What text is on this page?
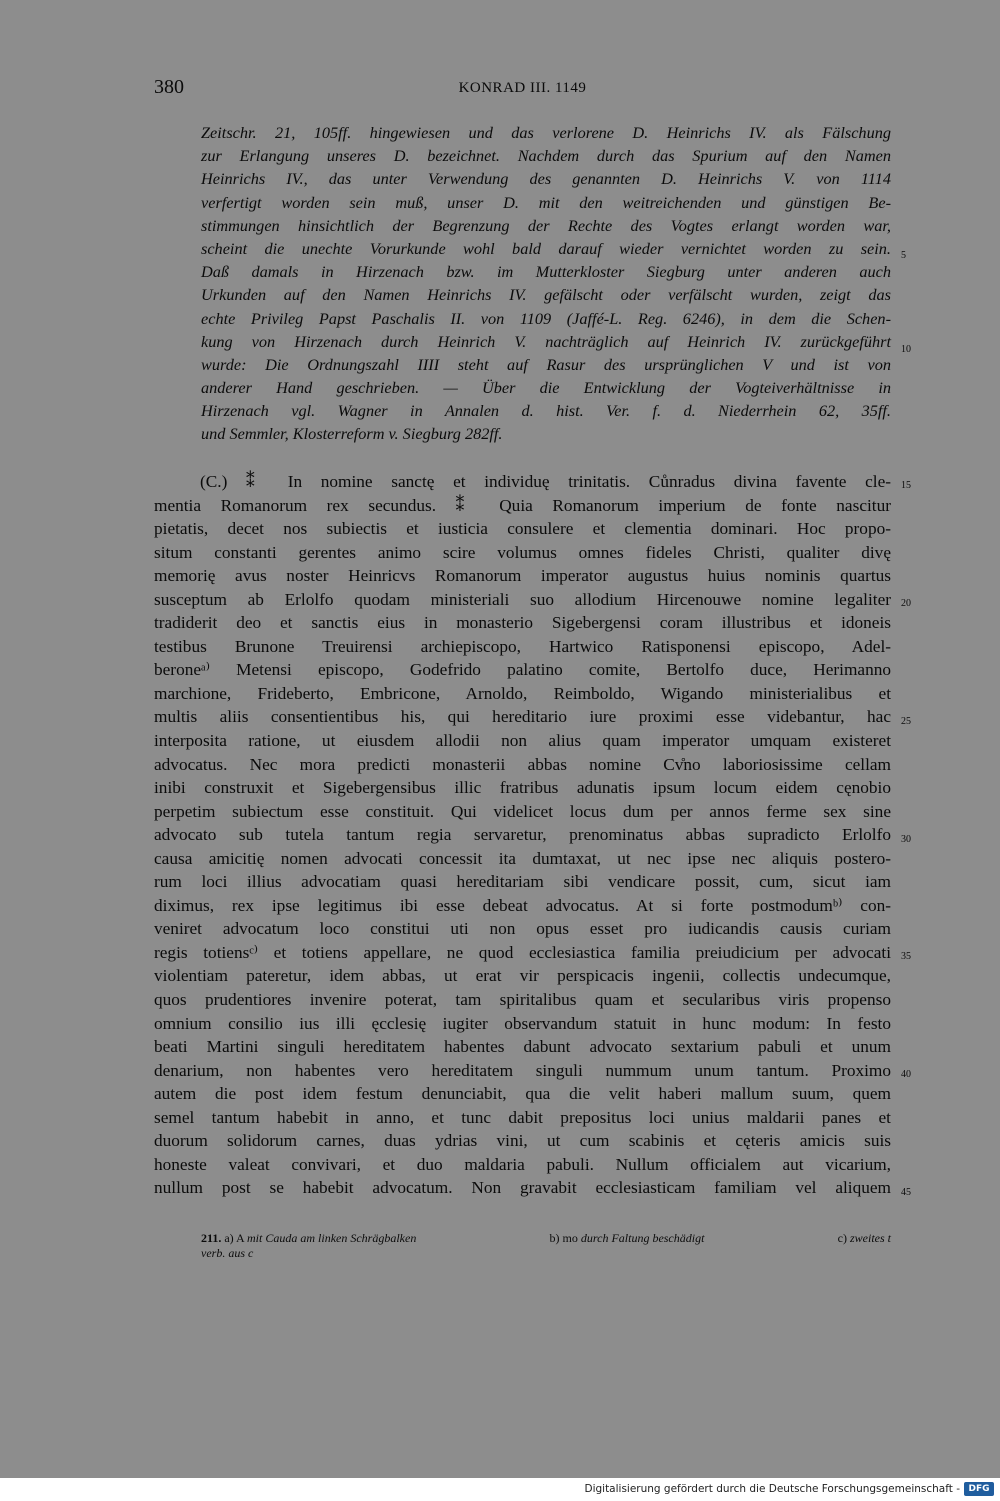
380	KONRAD III. 1149
Zeitschr. 21, 105ff. hingewiesen und das verlorene D. Heinrichs IV. als Fälschung
zur Erlangung unseres D. bezeichnet. Nachdem durch das Spurium auf den Namen
Heinrichs IV., das unter Verwendung des genannten D. Heinrichs V. von 1114
verfertigt worden sein muß, unser D. mit den weitreichenden und günstigen Be-
stimmungen hinsichtlich der Begrenzung der Rechte des Vogtes erlangt worden war,
scheint die unechte Vorurkunde wohl bald darauf wieder vernichtet worden zu sein.
Daß damals in Hirzenach bzw. im Mutterkloster Siegburg unter anderen auch
Urkunden auf den Namen Heinrichs IV. gefälscht oder verfälscht wurden, zeigt das
echte Privileg Papst Paschalis II. von 1109 (Jaffé-L. Reg. 6246), in dem die Schen-
kung von Hirzenach durch Heinrich V. nachträglich auf Heinrich IV. zurückgeführt
wurde: Die Ordnungszahl IIII steht auf Rasur des ursprünglichen V und ist von
anderer Hand geschrieben. — Über die Entwicklung der Vogteiverhältnisse in
Hirzenach vgl. Wagner in Annalen d. hist. Ver. f. d. Niederrhein 62, 35ff.
und Semmler, Klosterreform v. Siegburg 282ff.
5
10
(C.) ⁑ In nomine sanctę et individuę trinitatis. Cůnradus divina favente cle-
mentia Romanorum rex secundus. ⁑ Quia Romanorum imperium de fonte nascitur
pietatis, decet nos subiectis et iusticia consulere et clementia dominari. Hoc propo-
situm constanti gerentes animo scire volumus omnes fideles Christi, qualiter divę
memorię avus noster Heinricvs Romanorum imperator augustus huius nominis quartus
susceptum ab Erlolfo quodam ministeriali suo allodium Hircenouwe nomine legaliter
tradiderit deo et sanctis eius in monasterio Sigebergensi coram illustribus et idoneis
testibus Brunone Treuirensi archiepiscopo, Hartwico Ratisponensi episcopo, Adel-
beroneᵃ⁾ Metensi episcopo, Godefrido palatino comite, Bertolfo duce, Herimanno
marchione, Frideberto, Embricone, Arnoldo, Reimboldo, Wigando ministerialibus et
multis aliis consentientibus his, qui hereditario iure proximi esse videbantur, hac
interposita ratione, ut eiusdem allodii non alius quam imperator umquam existeret
advocatus. Nec mora predicti monasterii abbas nomine Cv̊no laboriosissime cellam
inibi construxit et Sigebergensibus illic fratribus adunatis ipsum locum eidem cęnobio
perpetim subiectum esse constituit. Qui videlicet locus dum per annos ferme sex sine
advocato sub tutela tantum regia servaretur, prenominatus abbas supradicto Erlolfo
causa amicitię nomen advocati concessit ita dumtaxat, ut nec ipse nec aliquis postero-
rum loci illius advocatiam quasi hereditariam sibi vendicare possit, cum, sicut iam
diximus, rex ipse legitimus ibi esse debeat advocatus. At si forte postmodumᵇ⁾ con-
veniret advocatum loco constitui uti non opus esset pro iudicandis causis curiam
regis totiensᶜ⁾ et totiens appellare, ne quod ecclesiastica familia preiudicium per advocati
violentiam pateretur, idem abbas, ut erat vir perspicacis ingenii, collectis undecumque,
quos prudentiores invenire poterat, tam spiritalibus quam et secularibus viris propenso
omnium consilio ius illi ęcclesię iugiter observandum statuit in hunc modum: In festo
beati Martini singuli hereditatem habentes dabunt advocato sextarium pabuli et unum
denarium, non habentes vero hereditatem singuli nummum unum tantum. Proximo
autem die post idem festum denunciabit, qua die velit haberi mallum suum, quem
semel tantum habebit in anno, et tunc dabit prepositus loci unius maldarii panes et
duorum solidorum carnes, duas ydrias vini, ut cum scabinis et cęteris amicis suis
honeste valeat convivari, et duo maldaria pabuli. Nullum officialem aut vicarium,
nullum post se habebit advocatum. Non gravabit ecclesiasticam familiam vel aliquem
15
20
25
30
35
40
45
211. a) A mit Cauda am linken Schrägbalken	b) mo durch Faltung beschädigt	c) zweites t
verb. aus c
Digitalisierung gefördert durch die Deutsche Forschungsgemeinschaft - DFG
